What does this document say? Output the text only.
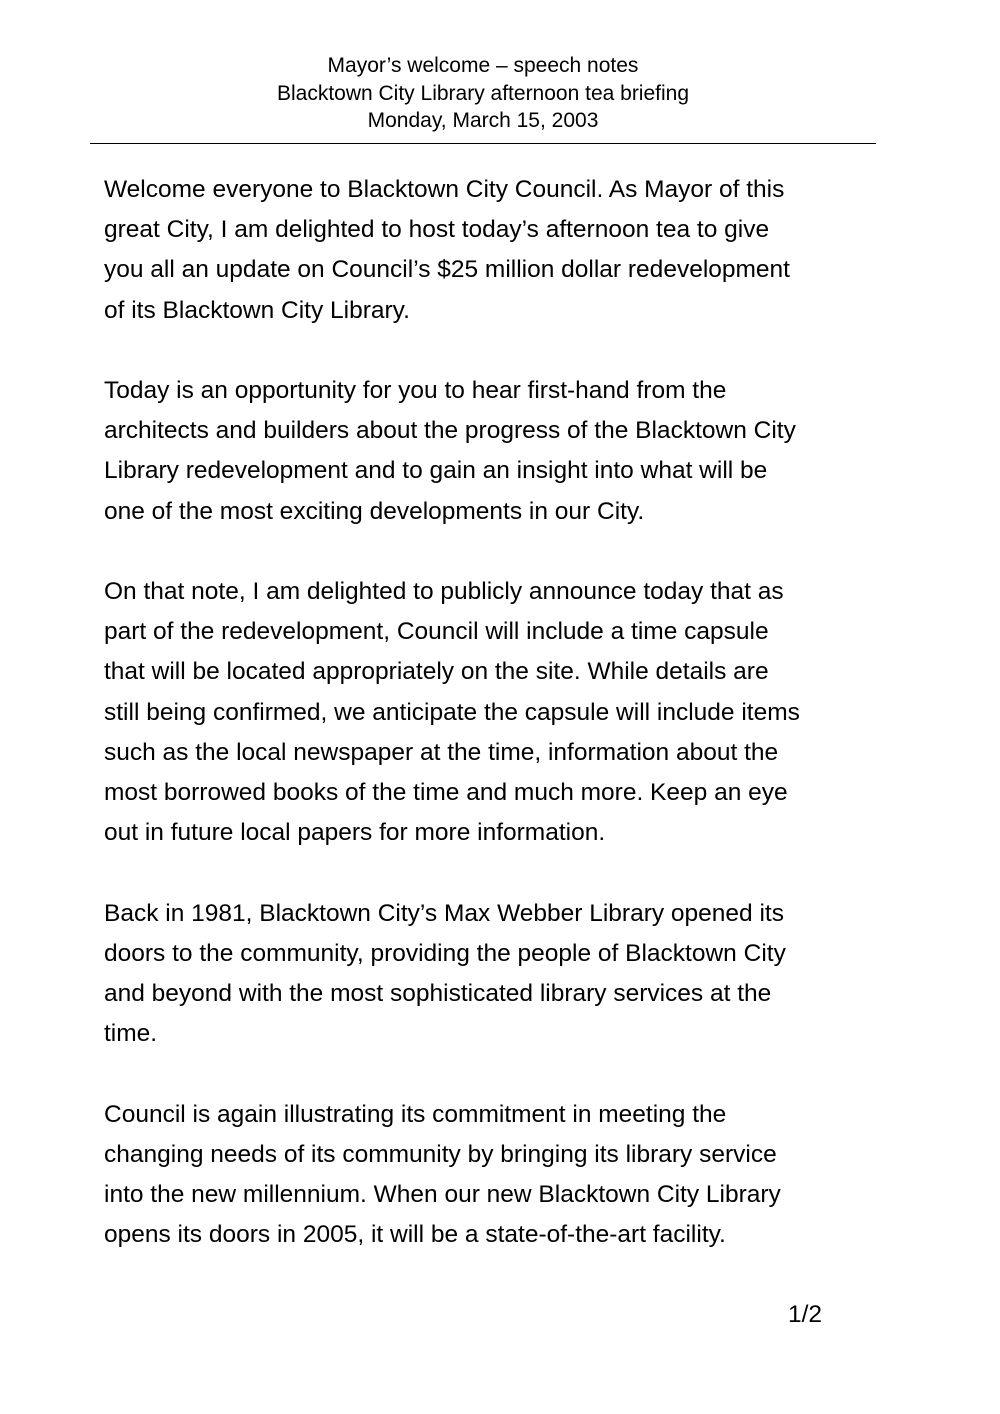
Mayor’s welcome – speech notes
Blacktown City Library afternoon tea briefing
Monday, March 15, 2003

Welcome everyone to Blacktown City Council. As Mayor of this
great City, I am delighted to host today’s afternoon tea to give
you all an update on Council’s $25 million dollar redevelopment
of its Blacktown City Library.

Today is an opportunity for you to hear first-hand from the
architects and builders about the progress of the Blacktown City
Library redevelopment and to gain an insight into what will be
one of the most exciting developments in our City.

On that note, I am delighted to publicly announce today that as
part of the redevelopment, Council will include a time capsule
that will be located appropriately on the site. While details are
still being confirmed, we anticipate the capsule will include items
such as the local newspaper at the time, information about the
most borrowed books of the time and much more. Keep an eye
out in future local papers for more information.

Back in 1981, Blacktown City’s Max Webber Library opened its
doors to the community, providing the people of Blacktown City
and beyond with the most sophisticated library services at the
time.

Council is again illustrating its commitment in meeting the
changing needs of its community by bringing its library service
into the new millennium. When our new Blacktown City Library
opens its doors in 2005, it will be a state-of-the-art facility.

1/2
